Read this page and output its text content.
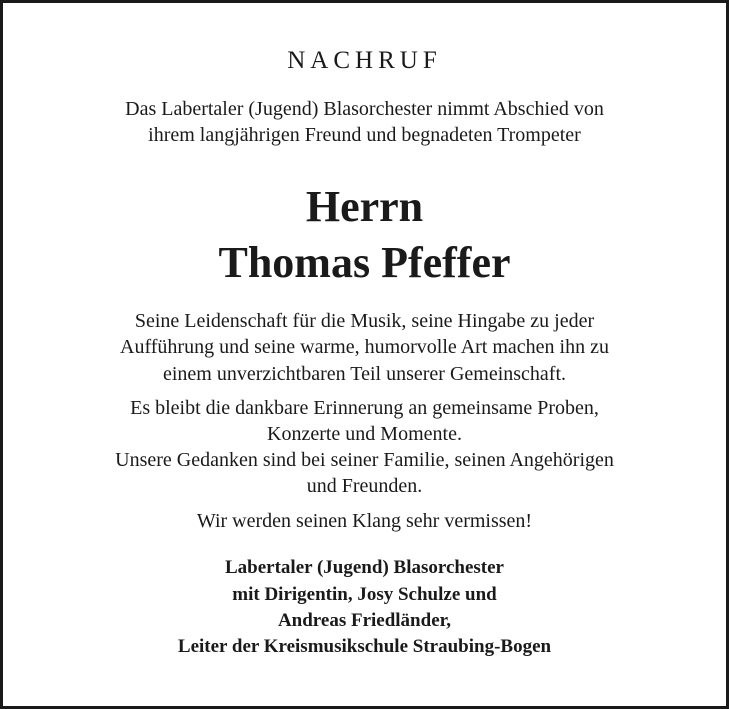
NACHRUF
Das Labertaler (Jugend) Blasorchester nimmt Abschied von
ihrem langjährigen Freund und begnadeten Trompeter
Herrn
Thomas Pfeffer
Seine Leidenschaft für die Musik, seine Hingabe zu jeder
Aufführung und seine warme, humorvolle Art machen ihn zu
einem unverzichtbaren Teil unserer Gemeinschaft.
Es bleibt die dankbare Erinnerung an gemeinsame Proben,
Konzerte und Momente.
Unsere Gedanken sind bei seiner Familie, seinen Angehörigen
und Freunden.
Wir werden seinen Klang sehr vermissen!
Labertaler (Jugend) Blasorchester
mit Dirigentin, Josy Schulze und
Andreas Friedländer,
Leiter der Kreismusikschule Straubing-Bogen
